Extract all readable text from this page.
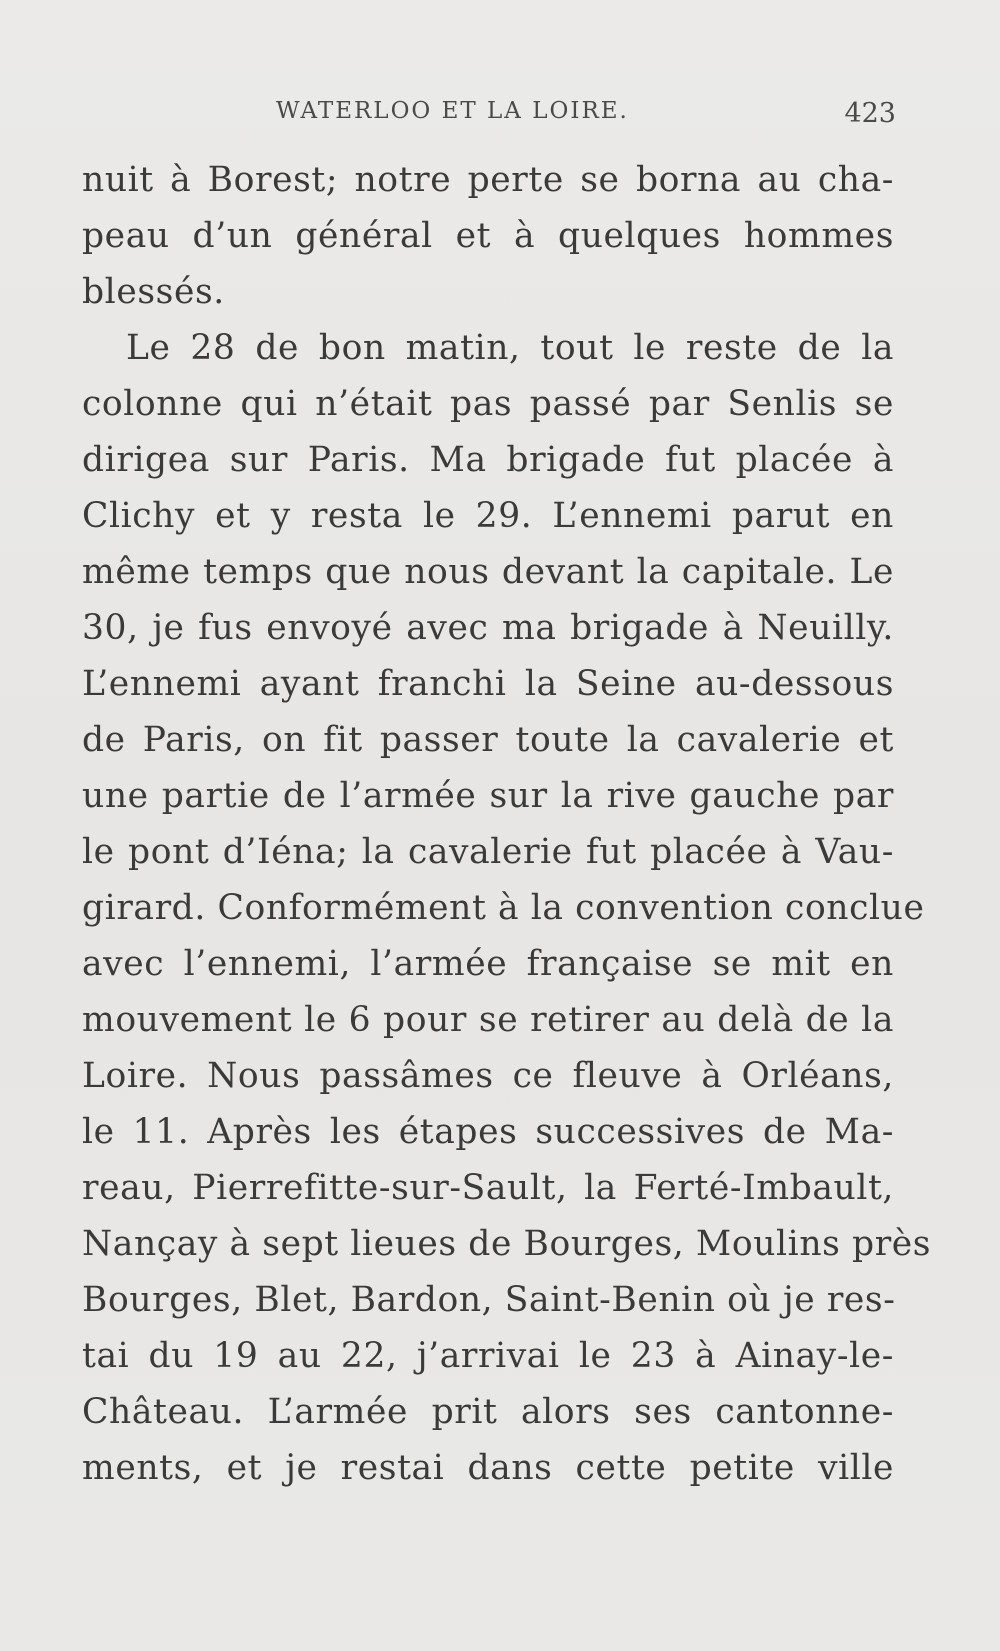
WATERLOO ET LA LOIRE.	423
nuit à Borest; notre perte se borna au cha-
peau d’un général et à quelques hommes
blessés.
Le 28 de bon matin, tout le reste de la
colonne qui n’était pas passé par Senlis se
dirigea sur Paris. Ma brigade fut placée à
Clichy et y resta le 29. L’ennemi parut en
même temps que nous devant la capitale. Le
30, je fus envoyé avec ma brigade à Neuilly.
L’ennemi ayant franchi la Seine au-dessous
de Paris, on fit passer toute la cavalerie et
une partie de l’armée sur la rive gauche par
le pont d’Iéna; la cavalerie fut placée à Vau-
girard. Conformément à la convention conclue
avec l’ennemi, l’armée française se mit en
mouvement le 6 pour se retirer au delà de la
Loire. Nous passâmes ce fleuve à Orléans,
le 11. Après les étapes successives de Ma-
reau, Pierrefitte-sur-Sault, la Ferté-Imbault,
Nançay à sept lieues de Bourges, Moulins près
Bourges, Blet, Bardon, Saint-Benin où je res-
tai du 19 au 22, j’arrivai le 23 à Ainay-le-
Château. L’armée prit alors ses cantonne-
ments, et je restai dans cette petite ville
